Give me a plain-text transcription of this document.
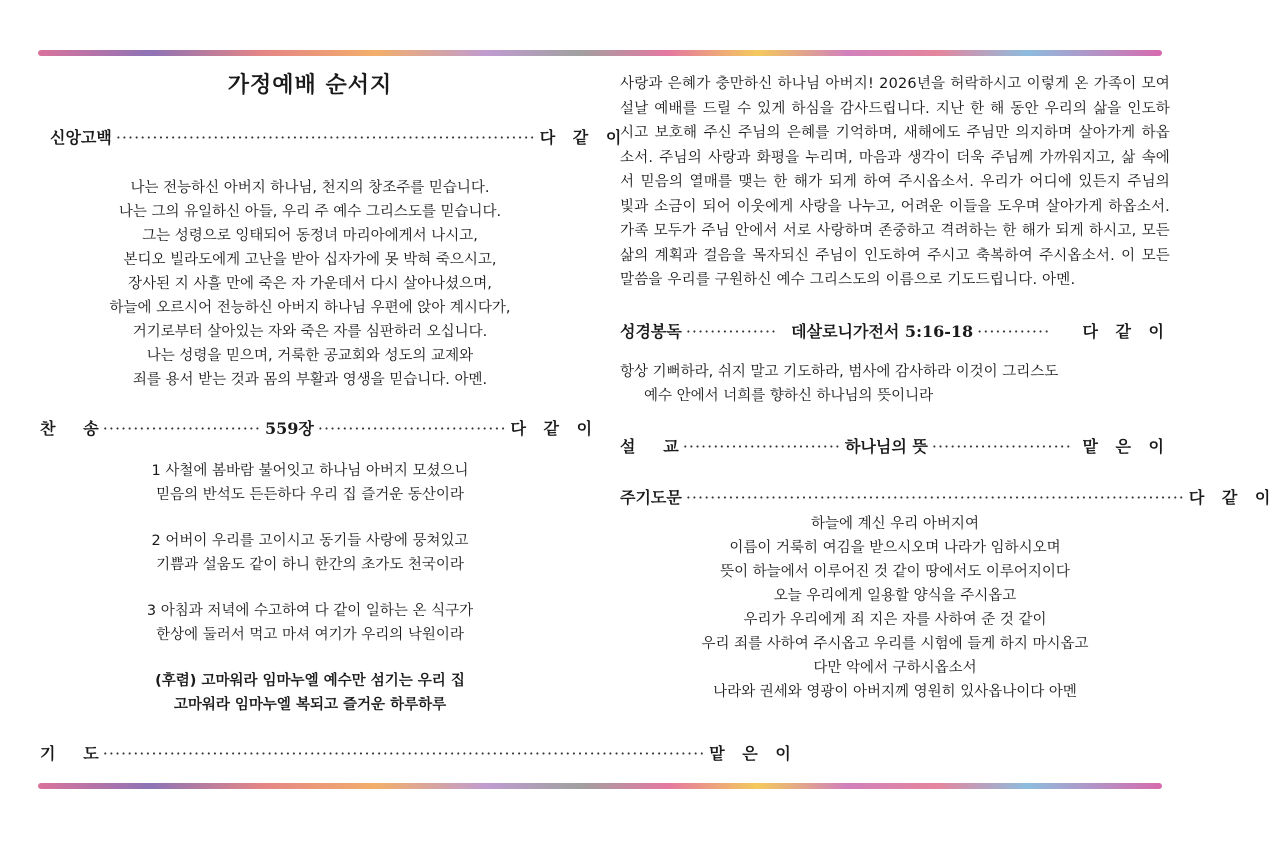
가정예배 순서지
신앙고백 ····································································· 다 같 이

나는 전능하신 아버지 하나님, 천지의 창조주를 믿습니다.

나는 그의 유일하신 아들, 우리 주 예수 그리스도를 믿습니다.

그는 성령으로 잉태되어 동정녀 마리아에게서 나시고,

본디오 빌라도에게 고난을 받아 십자가에 못 박혀 죽으시고,

장사된 지 사흘 만에 죽은 자 가운데서 다시 살아나셨으며,

하늘에 오르시어 전능하신 아버지 하나님 우편에 앉아 계시다가,

거기로부터 살아있는 자와 죽은 자를 심판하러 오십니다.

나는 성령을 믿으며, 거룩한 공교회와 성도의 교제와

죄를 용서 받는 것과 몸의 부활과 영생을 믿습니다. 아멘.

찬     송 ·························· 559장 ······························· 다 같 이

1 사철에 봄바람 불어잇고 하나님 아버지 모셨으니

믿음의 반석도 든든하다 우리 집 즐거운 동산이라

2 어버이 우리를 고이시고 동기들 사랑에 뭉쳐있고

기쁨과 설움도 같이 하니 한간의 초가도 천국이라

3 아침과 저녁에 수고하여 다 같이 일하는 온 식구가

한상에 둘러서 먹고 마셔 여기가 우리의 낙원이라

(후렴) 고마워라 임마누엘 예수만 섬기는 우리 집

고마워라 임마누엘 복되고 즐거운 하루하루

기     도 ··································································································· 맡 은 이

사랑과 은혜가 충만하신 하나님 아버지! 2026년을 허락하시고 이렇게 온 가족이 모여 설날 예배를 드릴 수 있게 하심을 감사드립니다. 지난 한 해 동안 우리의 삶을 인도하시고 보호해 주신 주님의 은혜를 기억하며, 새해에도 주님만 의지하며 살아가게 하옵소서. 주님의 사랑과 화평을 누리며, 마음과 생각이 더욱 주님께 가까워지고, 삶 속에서 믿음의 열매를 맺는 한 해가 되게 하여 주시옵소서. 우리가 어디에 있든지 주님의 빛과 소금이 되어 이웃에게 사랑을 나누고, 어려운 이들을 도우며 살아가게 하옵소서. 가족 모두가 주님 안에서 서로 사랑하며 존중하고 격려하는 한 해가 되게 하시고, 모든 삶의 계획과 걸음을 목자되신 주님이 인도하여 주시고 축복하여 주시옵소서. 이 모든 말씀을 우리를 구원하신 예수 그리스도의 이름으로 기도드립니다. 아멘.

성경봉독 ··············· 데살로니가전서 5:16-18 ············	다 같 이
항상 기뻐하라, 쉬지 말고 기도하라, 범사에 감사하라 이것이 그리스도
예수 안에서 너희를 향하신 하나님의 뜻이니라
설     교 ·························· 하나님의 뜻 ······················· 맡 은 이
주기도문 ·················································································· 다 같 이

하늘에 계신 우리 아버지여

이름이 거룩히 여김을 받으시오며 나라가 임하시오며

뜻이 하늘에서 이루어진 것 같이 땅에서도 이루어지이다

오늘 우리에게 일용할 양식을 주시옵고

우리가 우리에게 죄 지은 자를 사하여 준 것 같이

우리 죄를 사하여 주시옵고 우리를 시험에 들게 하지 마시옵고

다만 악에서 구하시옵소서

나라와 권세와 영광이 아버지께 영원히 있사옵나이다 아멘
